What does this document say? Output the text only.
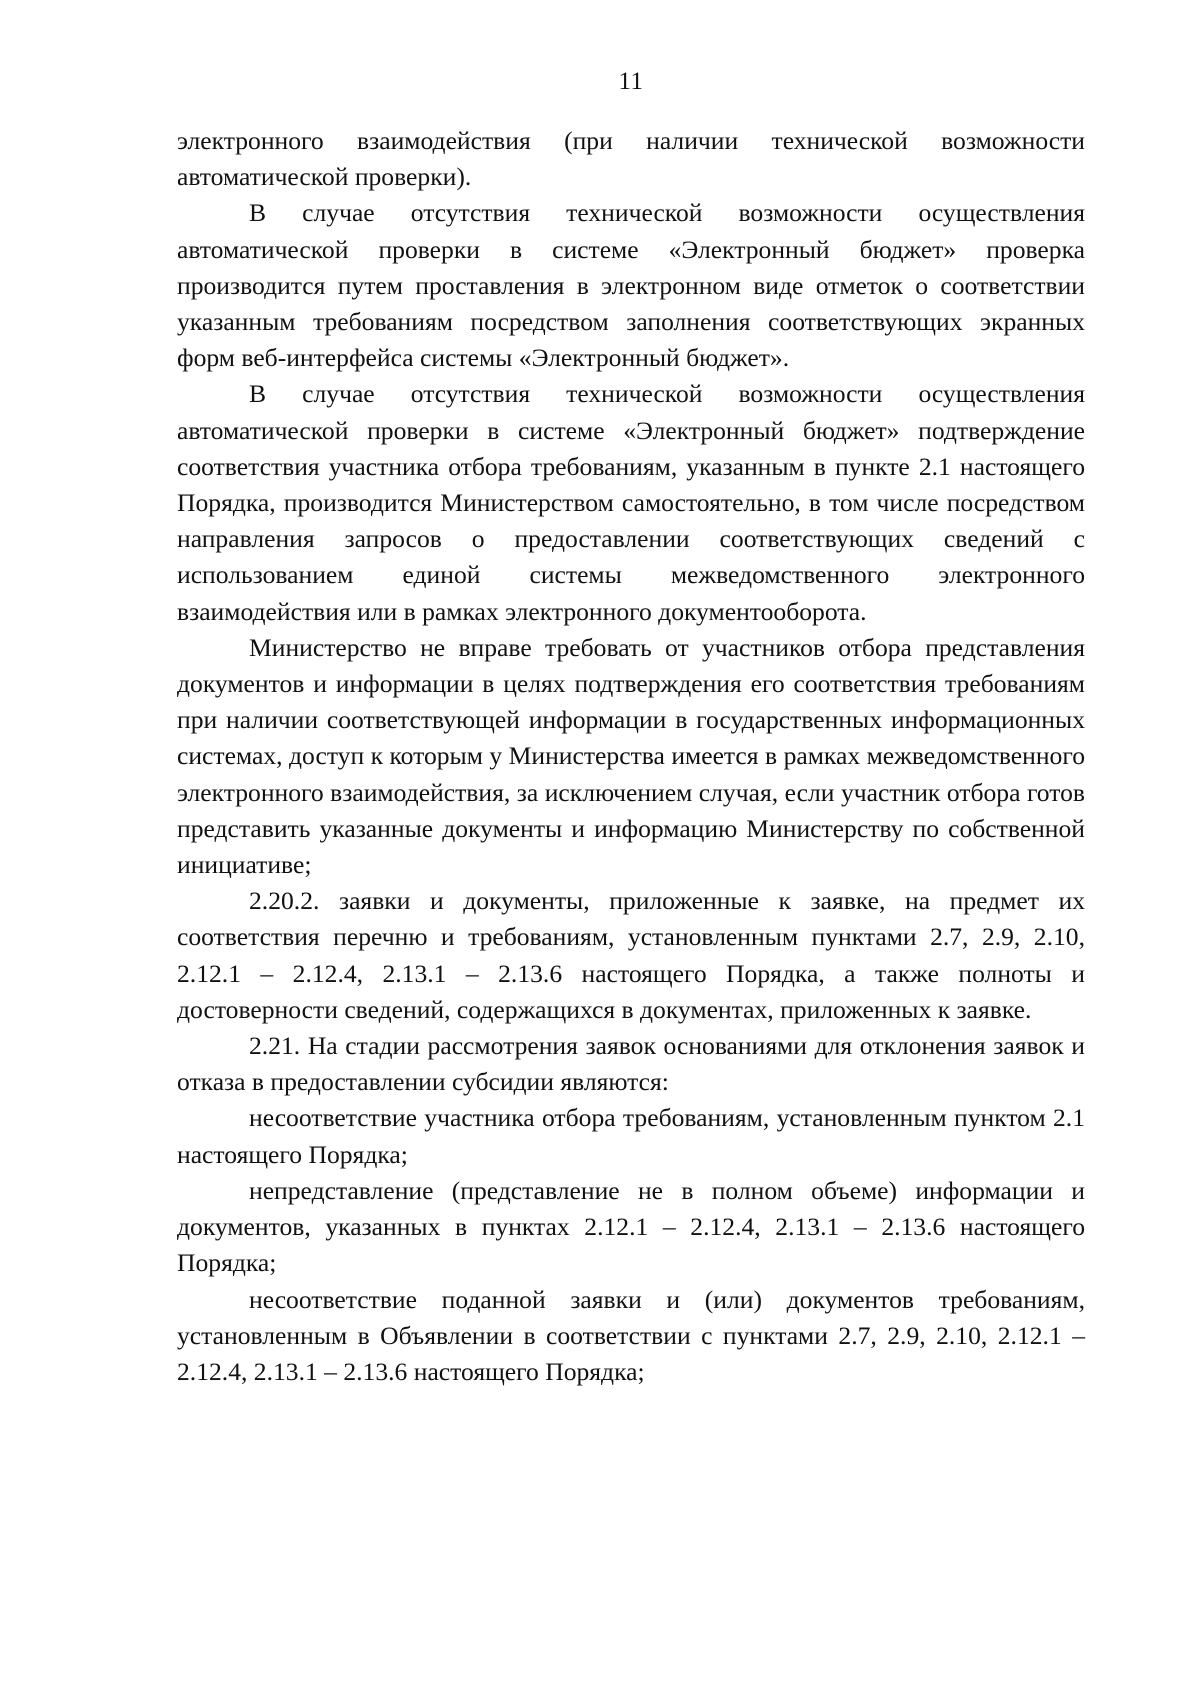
11

электронного взаимодействия (при наличии технической возможности автоматической проверки).

В случае отсутствия технической возможности осуществления автоматической проверки в системе «Электронный бюджет» проверка производится путем проставления в электронном виде отметок о соответствии указанным требованиям посредством заполнения соответствующих экранных форм веб-интерфейса системы «Электронный бюджет».

В случае отсутствия технической возможности осуществления автоматической проверки в системе «Электронный бюджет» подтверждение соответствия участника отбора требованиям, указанным в пункте 2.1 настоящего Порядка, производится Министерством самостоятельно, в том числе посредством направления запросов о предоставлении соответствующих сведений с использованием единой системы межведомственного электронного взаимодействия или в рамках электронного документооборота.

Министерство не вправе требовать от участников отбора представления документов и информации в целях подтверждения его соответствия требованиям при наличии соответствующей информации в государственных информационных системах, доступ к которым у Министерства имеется в рамках межведомственного электронного взаимодействия, за исключением случая, если участник отбора готов представить указанные документы и информацию Министерству по собственной инициативе;

2.20.2. заявки и документы, приложенные к заявке, на предмет их соответствия перечню и требованиям, установленным пунктами 2.7, 2.9, 2.10, 2.12.1 – 2.12.4, 2.13.1 – 2.13.6 настоящего Порядка, а также полноты и достоверности сведений, содержащихся в документах, приложенных к заявке.

2.21. На стадии рассмотрения заявок основаниями для отклонения заявок и отказа в предоставлении субсидии являются:

несоответствие участника отбора требованиям, установленным пунктом 2.1 настоящего Порядка;

непредставление (представление не в полном объеме) информации и документов, указанных в пунктах 2.12.1 – 2.12.4, 2.13.1 – 2.13.6 настоящего Порядка;

несоответствие поданной заявки и (или) документов требованиям, установленным в Объявлении в соответствии с пунктами 2.7, 2.9, 2.10, 2.12.1 – 2.12.4, 2.13.1 – 2.13.6 настоящего Порядка;
